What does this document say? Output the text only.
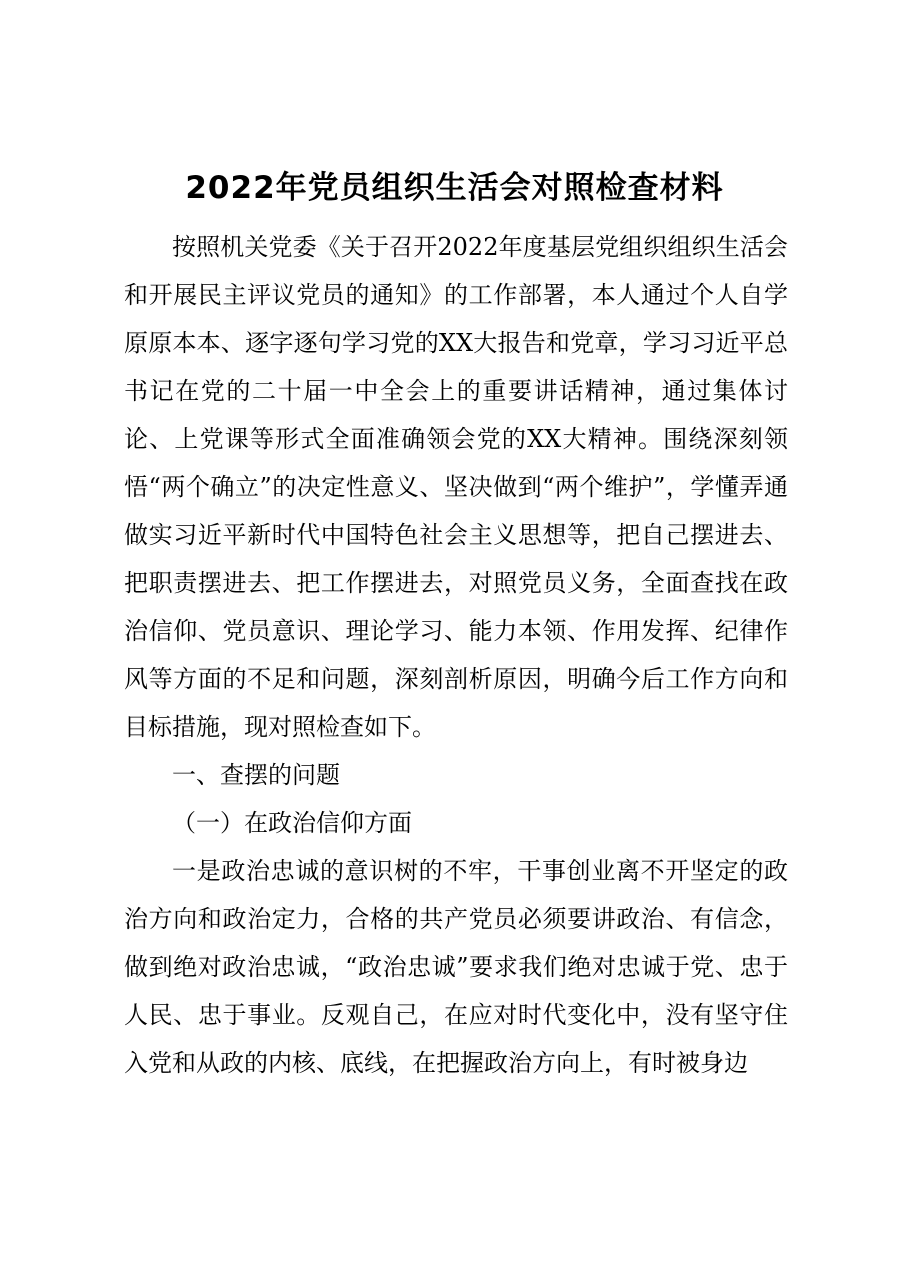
2022年党员组织生活会对照检查材料

按照机关党委《关于召开2022年度基层党组织组织生活会和开展民主评议党员的通知》的工作部署，本人通过个人自学原原本本、逐字逐句学习党的XX大报告和党章，学习习近平总书记在党的二十届一中全会上的重要讲话精神，通过集体讨论、上党课等形式全面准确领会党的XX大精神。围绕深刻领悟“两个确立”的决定性意义、坚决做到“两个维护”，学懂弄通做实习近平新时代中国特色社会主义思想等，把自己摆进去、把职责摆进去、把工作摆进去，对照党员义务，全面查找在政治信仰、党员意识、理论学习、能力本领、作用发挥、纪律作风等方面的不足和问题，深刻剖析原因，明确今后工作方向和目标措施，现对照检查如下。

一、查摆的问题

（一）在政治信仰方面

一是政治忠诚的意识树的不牢，干事创业离不开坚定的政治方向和政治定力，合格的共产党员必须要讲政治、有信念，做到绝对政治忠诚，“政治忠诚”要求我们绝对忠诚于党、忠于人民、忠于事业。反观自己，在应对时代变化中，没有坚守住入党和从政的内核、底线，在把握政治方向上，有时被身边
